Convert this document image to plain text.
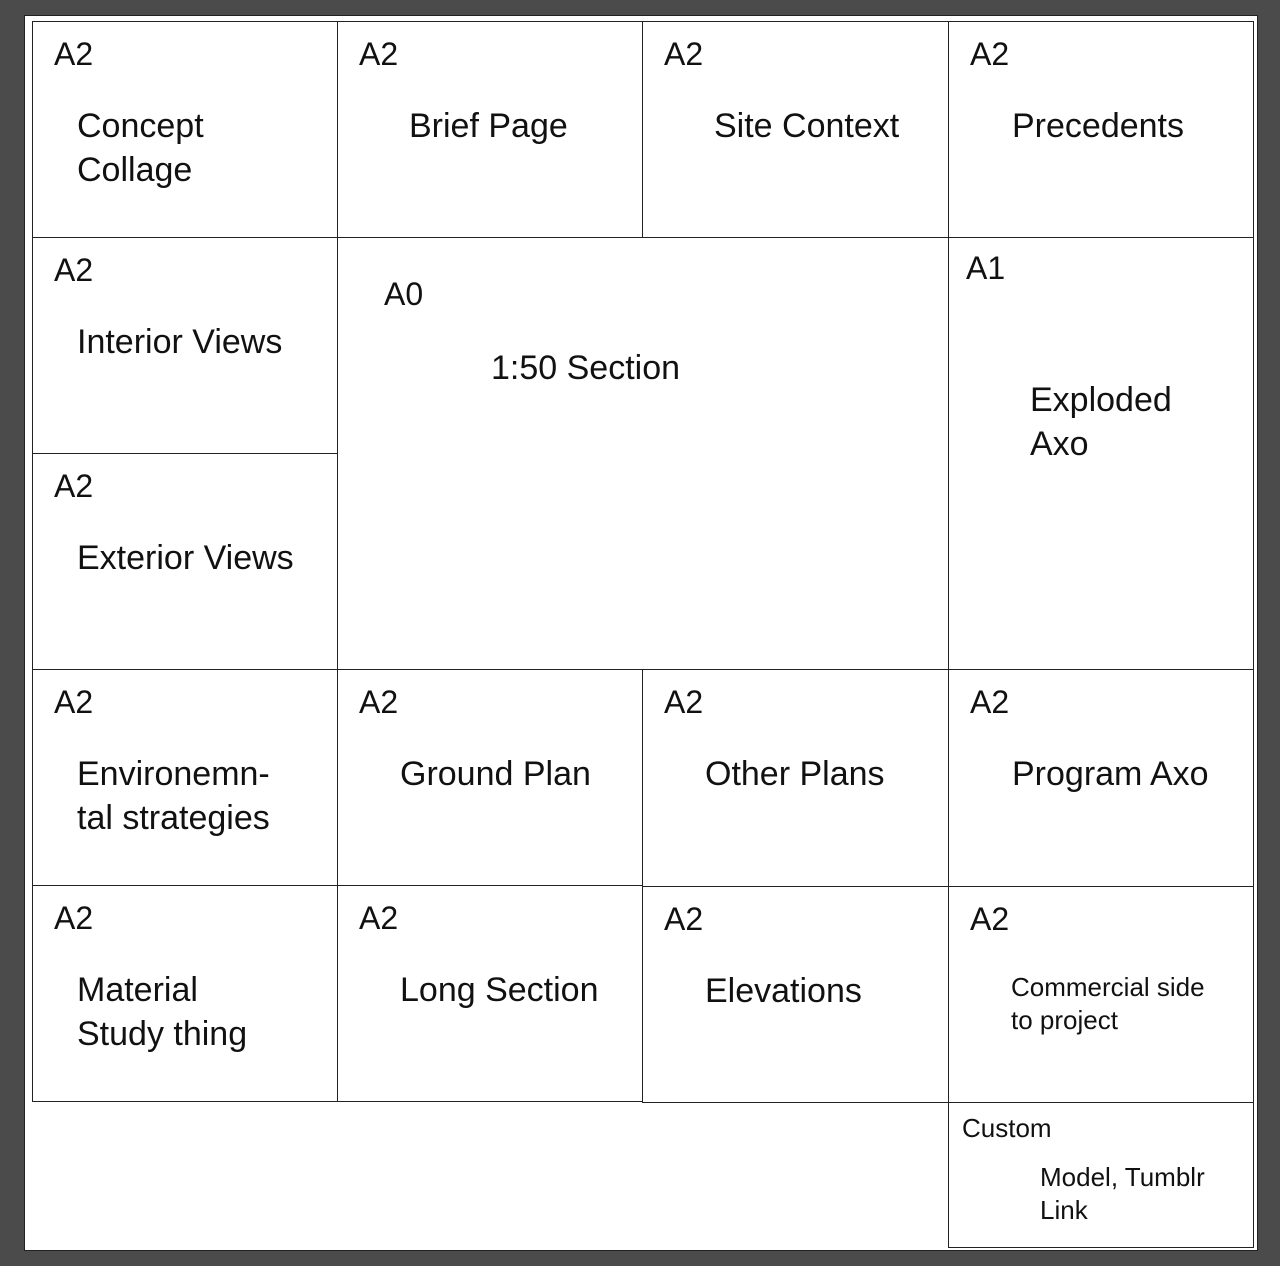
A2
Concept
Collage
A2
Brief Page
A2
Site Context
A2
Precedents
A2
Interior Views
A2
Exterior Views
A0
1:50 Section
A1
Exploded
Axo
A2
Environemn-
tal strategies
A2
Ground Plan
A2
Other Plans
A2
Program Axo
A2
Material
Study thing
A2
Long Section
A2
Elevations
A2
Commercial side
to project
Custom
Model, Tumblr
Link
